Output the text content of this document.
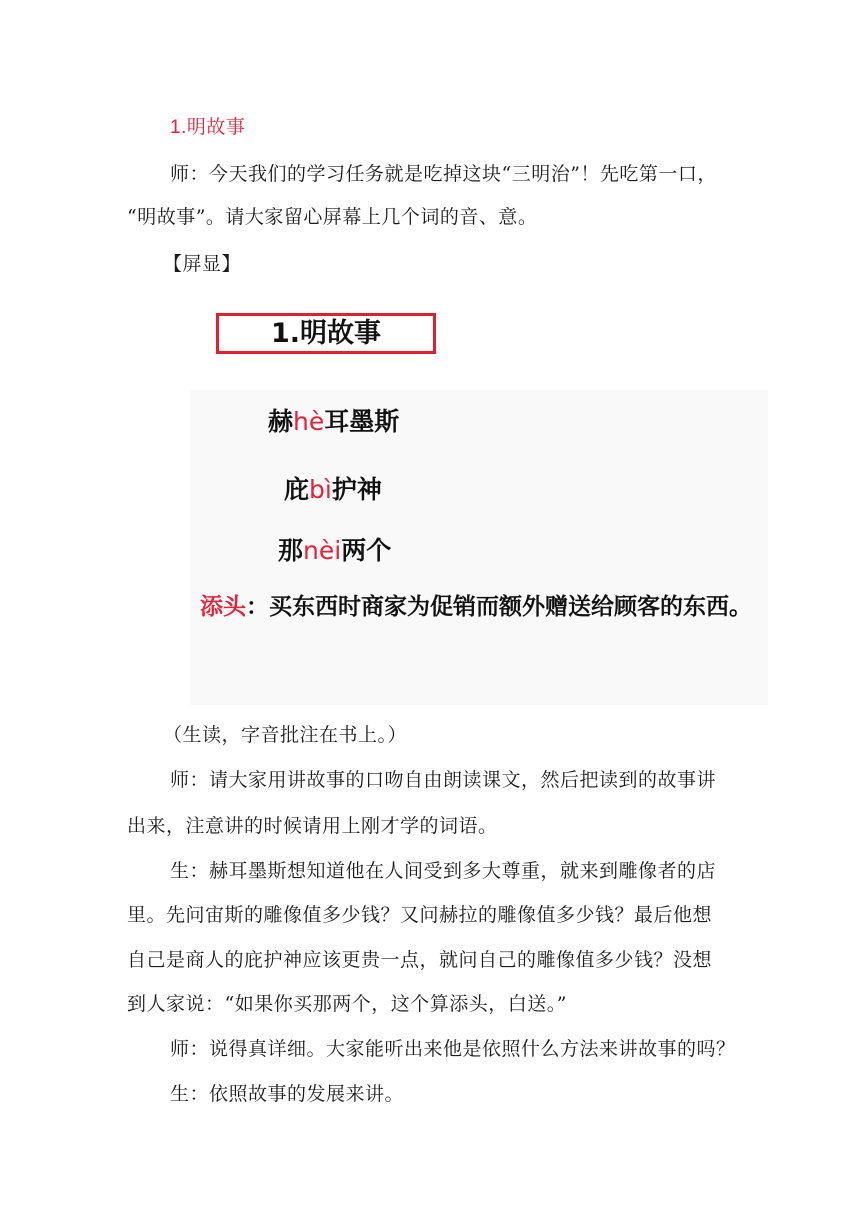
1.明故事
师：今天我们的学习任务就是吃掉这块“三明治”！先吃第一口，
“明故事”。请大家留心屏幕上几个词的音、意。
【屏显】
1.明故事
赫hè耳墨斯
庇bì护神
那nèi两个
添头：买东西时商家为促销而额外赠送给顾客的东西。
（生读，字音批注在书上。）
师：请大家用讲故事的口吻自由朗读课文，然后把读到的故事讲
出来，注意讲的时候请用上刚才学的词语。
生：赫耳墨斯想知道他在人间受到多大尊重，就来到雕像者的店
里。先问宙斯的雕像值多少钱？又问赫拉的雕像值多少钱？最后他想
自己是商人的庇护神应该更贵一点，就问自己的雕像值多少钱？没想
到人家说：“如果你买那两个，这个算添头，白送。”
师：说得真详细。大家能听出来他是依照什么方法来讲故事的吗？
生：依照故事的发展来讲。
